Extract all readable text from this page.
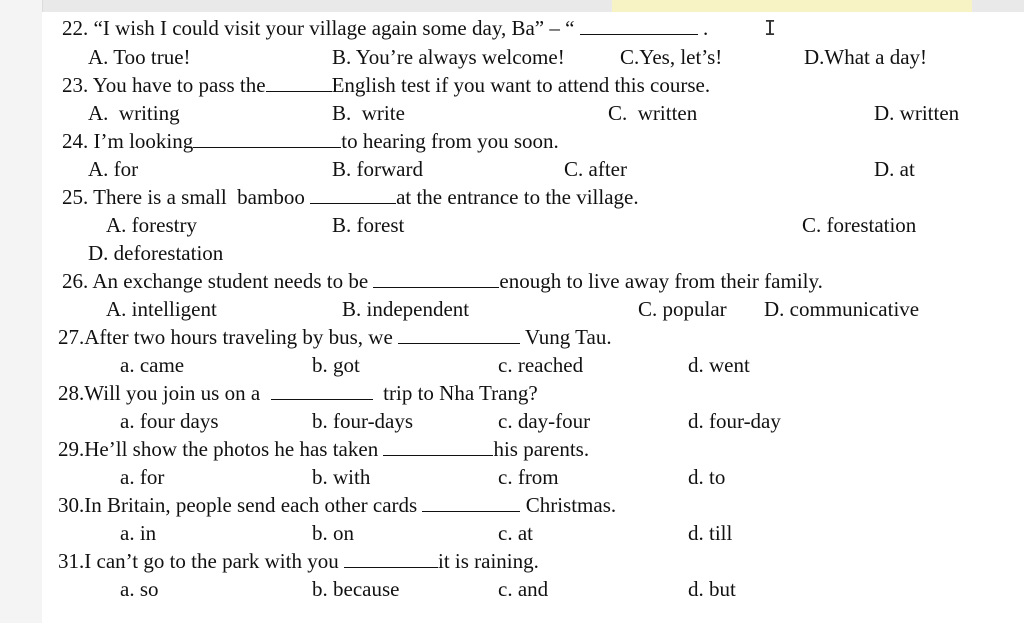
22. “I wish I could visit your village again some day, Ba” – “	.	I
A. Too true!	B. You’re always welcome!	C.Yes, let’s!	D.What a day!
23. You have to pass the	English test if you want to attend this course.
A.  writing	B.  write	C.  written	D. written
24. I’m looking	to hearing from you soon.
A. for	B. forward	C. after	D. at
25. There is a small  bamboo	at the entrance to the village.
A. forestry	B. forest	C. forestation
D. deforestation
26. An exchange student needs to be	enough to live away from their family.
A. intelligent	B. independent	C. popular D. communicative
27.After two hours traveling by bus, we	Vung Tau.
a. came	b. got	c. reached	d. went
28.Will you join us on a	trip to Nha Trang?
a. four days	b. four-days	c. day-four	d. four-day
29.He’ll show the photos he has taken	his parents.
a. for	b. with	c. from	d. to
30.In Britain, people send each other cards	Christmas.
a. in	b. on	c. at	d. till
31.I can’t go to the park with you	it is raining.
a. so	b. because	c. and	d. but
